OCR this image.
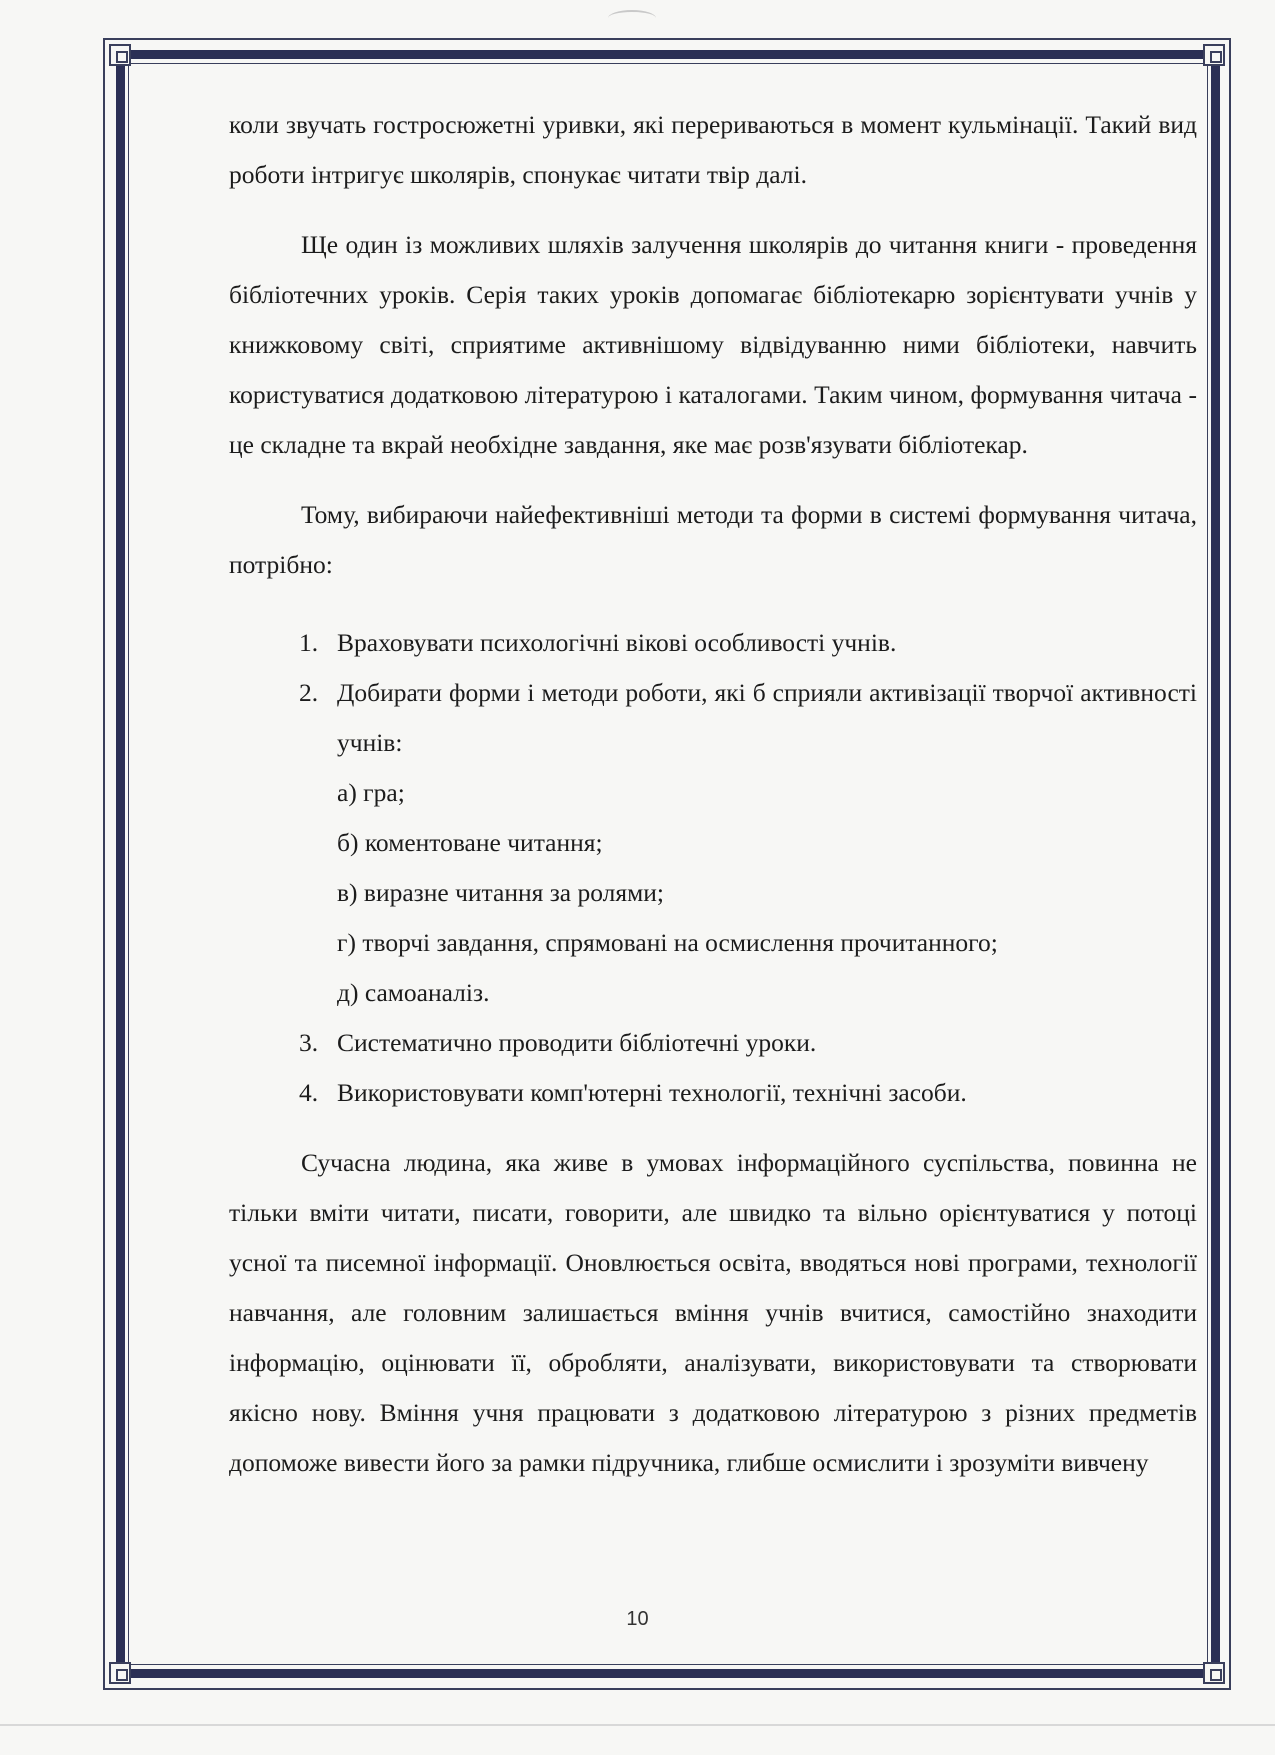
коли звучать гостросюжетні уривки, які перериваються в момент кульмінації. Такий вид роботи інтригує школярів, спонукає читати твір далі.

Ще один із можливих шляхів залучення школярів до читання книги - проведення бібліотечних уроків. Серія таких уроків допомагає бібліотекарю зорієнтувати учнів у книжковому світі, сприятиме активнішому відвідуванню ними бібліотеки, навчить користуватися додатковою літературою і каталогами. Таким чином, формування читача - це складне та вкрай необхідне завдання, яке має розв'язувати бібліотекар.

Тому, вибираючи найефективніші методи та форми в системі формування читача, потрібно:

1. Враховувати психологічні вікові особливості учнів.
2. Добирати форми і методи роботи, які б сприяли активізації творчої активності учнів:
а) гра;
б) коментоване читання;
в) виразне читання за ролями;
г) творчі завдання, спрямовані на осмислення прочитанного;
д) самоаналіз.
3. Систематично проводити бібліотечні уроки.
4. Використовувати комп'ютерні технології, технічні засоби.

Сучасна людина, яка живе в умовах інформаційного суспільства, повинна не тільки вміти читати, писати, говорити, але швидко та вільно орієнтуватися у потоці усної та писемної інформації. Оновлюється освіта, вводяться нові програми, технології навчання, але головним залишається вміння учнів вчитися, самостійно знаходити інформацію, оцінювати її, обробляти, аналізувати, використовувати та створювати якісно нову. Вміння учня працювати з додатковою літературою з різних предметів допоможе вивести його за рамки підручника, глибше осмислити і зрозуміти вивчену

10
